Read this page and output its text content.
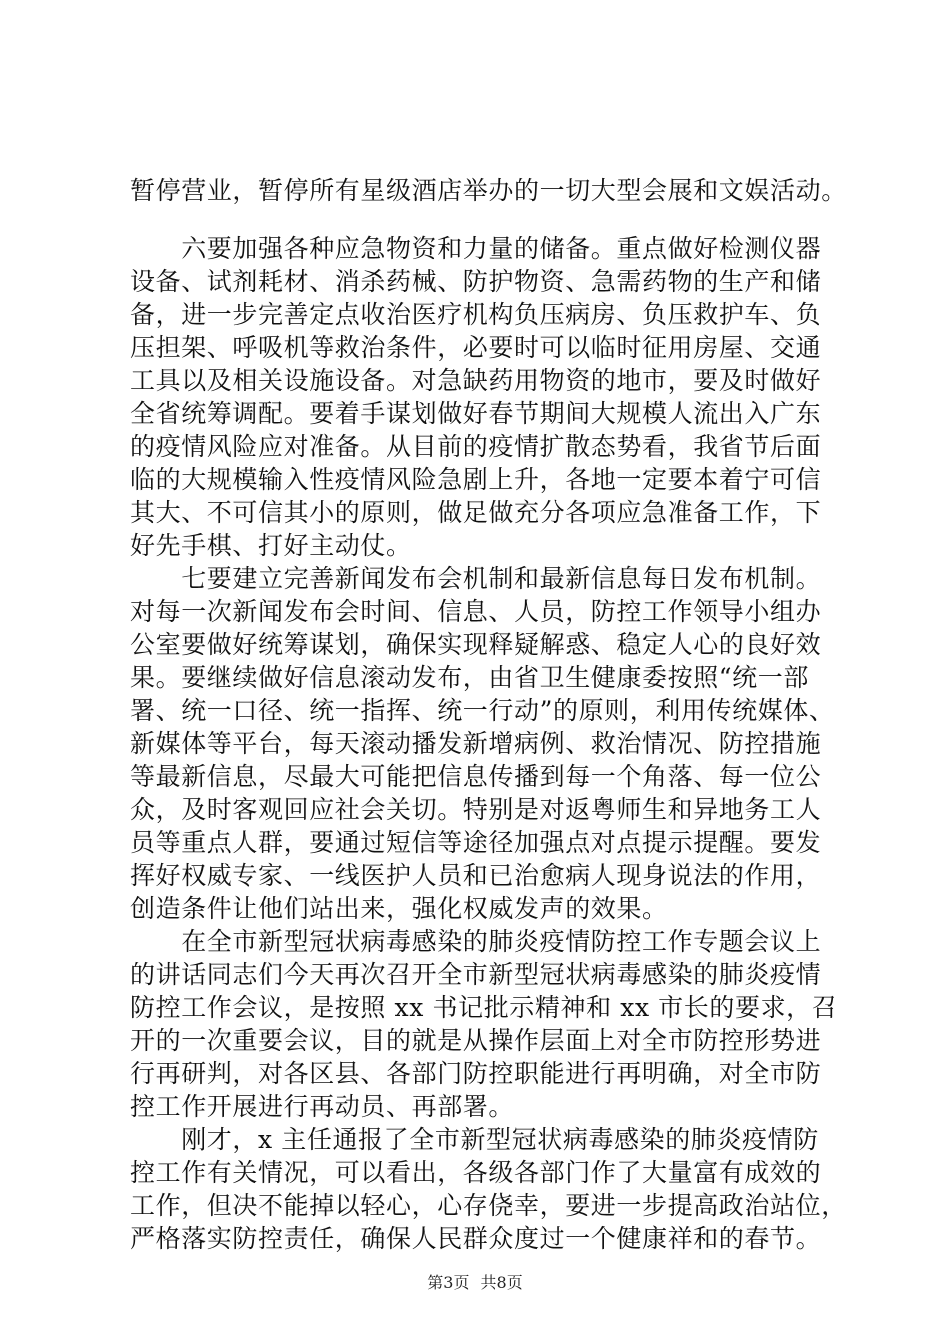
暂停营业，暂停所有星级酒店举办的一切大型会展和文娱活动。
　　六要加强各种应急物资和力量的储备。重点做好检测仪器
设备、试剂耗材、消杀药械、防护物资、急需药物的生产和储
备，进一步完善定点收治医疗机构负压病房、负压救护车、负
压担架、呼吸机等救治条件，必要时可以临时征用房屋、交通
工具以及相关设施设备。对急缺药用物资的地市，要及时做好
全省统筹调配。要着手谋划做好春节期间大规模人流出入广东
的疫情风险应对准备。从目前的疫情扩散态势看，我省节后面
临的大规模输入性疫情风险急剧上升，各地一定要本着宁可信
其大、不可信其小的原则，做足做充分各项应急准备工作，下
好先手棋、打好主动仗。
　　七要建立完善新闻发布会机制和最新信息每日发布机制。
对每一次新闻发布会时间、信息、人员，防控工作领导小组办
公室要做好统筹谋划，确保实现释疑解惑、稳定人心的良好效
果。要继续做好信息滚动发布，由省卫生健康委按照“统一部
署、统一口径、统一指挥、统一行动”的原则，利用传统媒体、
新媒体等平台，每天滚动播发新增病例、救治情况、防控措施
等最新信息，尽最大可能把信息传播到每一个角落、每一位公
众，及时客观回应社会关切。特别是对返粤师生和异地务工人
员等重点人群，要通过短信等途径加强点对点提示提醒。要发
挥好权威专家、一线医护人员和已治愈病人现身说法的作用，
创造条件让他们站出来，强化权威发声的效果。
　　在全市新型冠状病毒感染的肺炎疫情防控工作专题会议上
的讲话同志们今天再次召开全市新型冠状病毒感染的肺炎疫情
防控工作会议，是按照 xx 书记批示精神和 xx 市长的要求，召
开的一次重要会议，目的就是从操作层面上对全市防控形势进
行再研判，对各区县、各部门防控职能进行再明确，对全市防
控工作开展进行再动员、再部署。
　　刚才，x 主任通报了全市新型冠状病毒感染的肺炎疫情防
控工作有关情况，可以看出，各级各部门作了大量富有成效的
工作，但决不能掉以轻心，心存侥幸，要进一步提高政治站位，
严格落实防控责任，确保人民群众度过一个健康祥和的春节。
第3页 共8页
